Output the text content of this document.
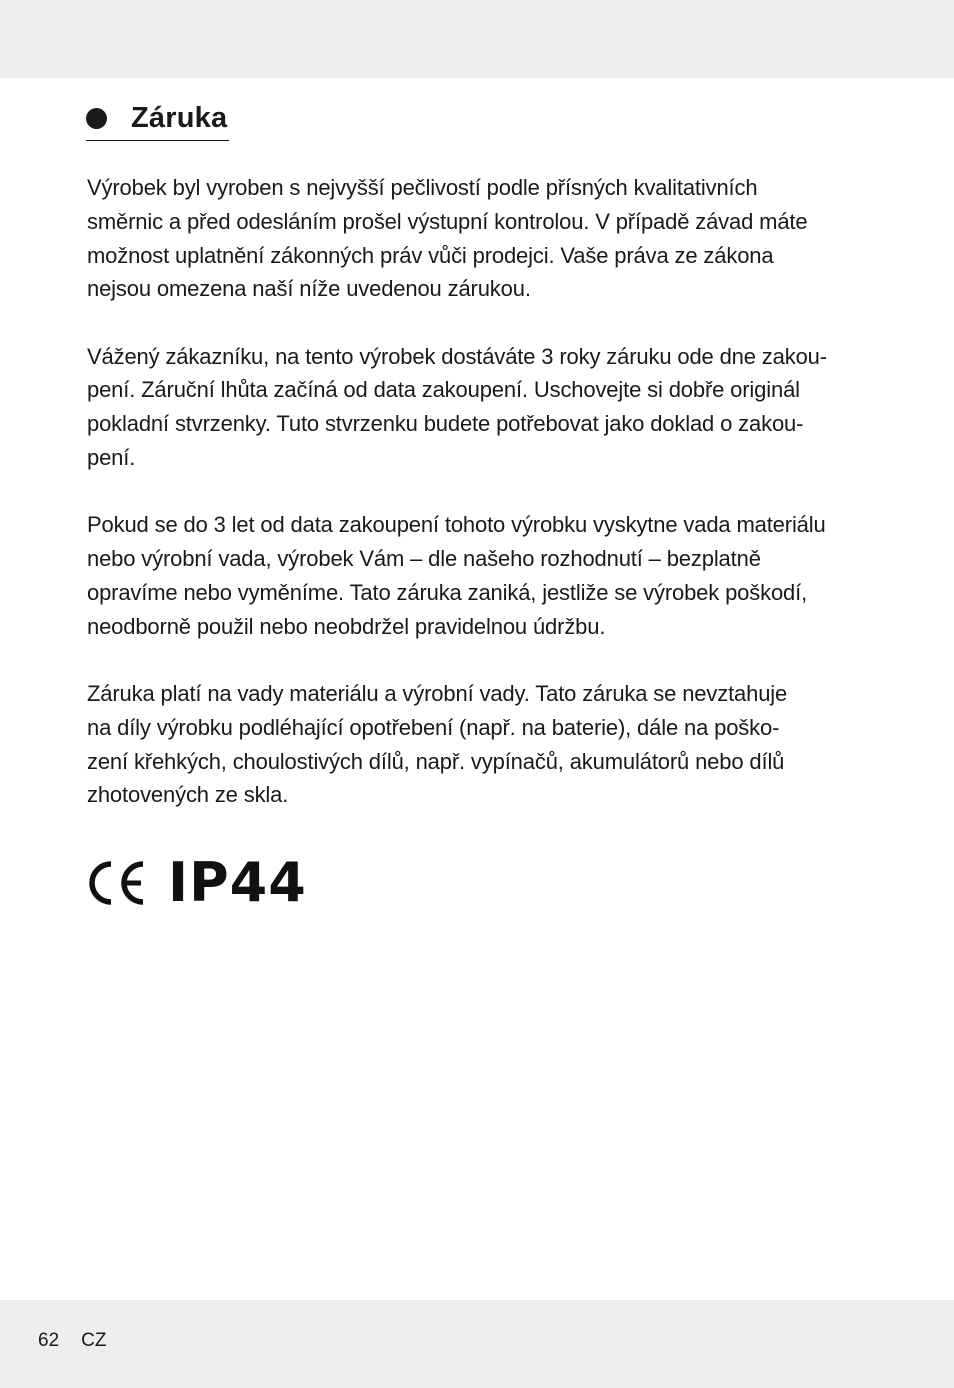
Záruka

Výrobek byl vyroben s nejvyšší pečlivostí podle přísných kvalitativních
směrnic a před odesláním prošel výstupní kontrolou. V případě závad máte
možnost uplatnění zákonných práv vůči prodejci. Vaše práva ze zákona
nejsou omezena naší níže uvedenou zárukou.

Vážený zákazníku, na tento výrobek dostáváte 3 roky záruku ode dne zakou-
pení. Záruční lhůta začíná od data zakoupení. Uschovejte si dobře originál
pokladní stvrzenky. Tuto stvrzenku budete potřebovat jako doklad o zakou-
pení.

Pokud se do 3 let od data zakoupení tohoto výrobku vyskytne vada materiálu
nebo výrobní vada, výrobek Vám – dle našeho rozhodnutí – bezplatně
opravíme nebo vyměníme. Tato záruka zaniká, jestliže se výrobek poškodí,
neodborně použil nebo neobdržel pravidelnou údržbu.

Záruka platí na vady materiálu a výrobní vady. Tato záruka se nevztahuje
na díly výrobku podléhající opotřebení (např. na baterie), dále na poško-
zení křehkých, choulostivých dílů, např. vypínačů, akumulátorů nebo dílů
zhotovených ze skla.

IP44
62 CZ
